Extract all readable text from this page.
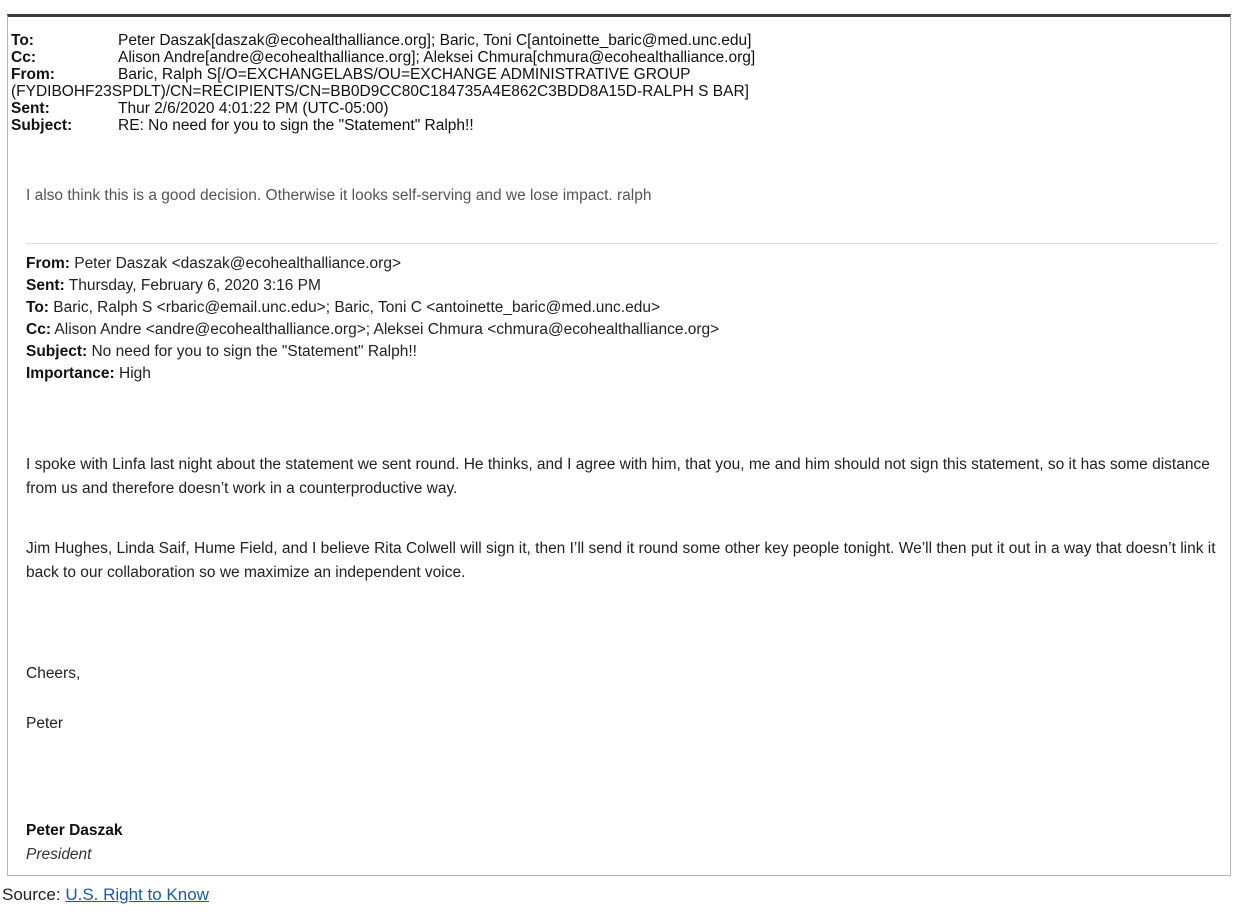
To:	Peter Daszak[daszak@ecohealthalliance.org]; Baric, Toni C[antoinette_baric@med.unc.edu]
Cc:	Alison Andre[andre@ecohealthalliance.org]; Aleksei Chmura[chmura@ecohealthalliance.org]
From:	Baric, Ralph S[/O=EXCHANGELABS/OU=EXCHANGE ADMINISTRATIVE GROUP
(FYDIBOHF23SPDLT)/CN=RECIPIENTS/CN=BB0D9CC80C184735A4E862C3BDD8A15D-RALPH S BAR]
Sent:	Thur 2/6/2020 4:01:22 PM (UTC-05:00)
Subject:	RE: No need for you to sign the "Statement" Ralph!!
I also think this is a good decision. Otherwise it looks self-serving and we lose impact. ralph
From: Peter Daszak <daszak@ecohealthalliance.org>
Sent: Thursday, February 6, 2020 3:16 PM
To: Baric, Ralph S <rbaric@email.unc.edu>; Baric, Toni C <antoinette_baric@med.unc.edu>
Cc: Alison Andre <andre@ecohealthalliance.org>; Aleksei Chmura <chmura@ecohealthalliance.org>
Subject: No need for you to sign the "Statement" Ralph!!
Importance: High

I spoke with Linfa last night about the statement we sent round. He thinks, and I agree with him, that you, me and him should not sign this statement, so it has some distance from us and therefore doesn’t work in a counterproductive way.

Jim Hughes, Linda Saif, Hume Field, and I believe Rita Colwell will sign it, then I’ll send it round some other key people tonight. We’ll then put it out in a way that doesn’t link it back to our collaboration so we maximize an independent voice.

Cheers,
Peter
Peter Daszak
President
Source: U.S. Right to Know
